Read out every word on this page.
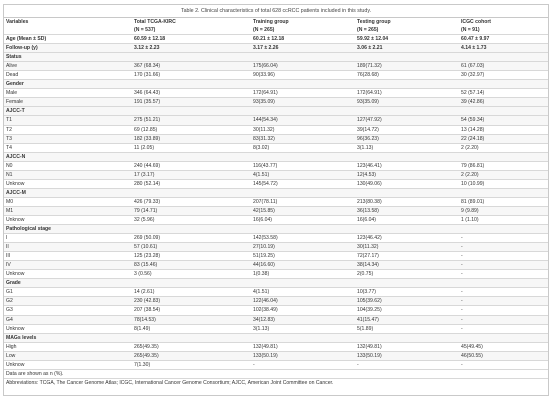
Table 2. Clinical characteristics of total 628 ccRCC patients included in this study.
Variables	Total TCGA-KIRC	Training group	Testing group	ICGC cohort
	(N = 537)	(N = 265)	(N = 265)	(N = 91)
Age (Mean ± SD)	60.59 ± 12.18	60.21 ± 12.18	59.92 ± 12.04	60.47 ± 9.97
Follow-up (y)	3.12 ± 2.23	3.17 ± 2.26	3.06 ± 2.21	4.14 ± 1.73
Status				
Alive	367 (68.34)	175(66.04)	189(71.32)	61 (67.03)
Dead	170 (31.66)	90(33.96)	76(28.68)	30 (32.97)
Gender				
Male	346 (64.43)	172(64.91)	172(64.91)	52 (57.14)
Female	191 (35.57)	93(35.09)	93(35.09)	39 (42.86)
AJCC-T				
T1	275 (51.21)	144(54.34)	127(47.92)	54 (59.34)
T2	69 (12.85)	30(11.32)	39(14.72)	13 (14.28)
T3	182 (33.89)	83(31.32)	96(36.23)	22 (24.18)
T4	11 (2.05)	8(3.02)	3(1.13)	2 (2.20)
AJCC-N				
N0	240 (44.69)	116(43.77)	123(46.41)	79 (86.81)
N1	17 (3.17)	4(1.51)	12(4.53)	2 (2.20)
Unknow	280 (52.14)	145(54.72)	130(49.06)	10 (10.99)
AJCC-M				
M0	426 (79.33)	207(78.11)	213(80.38)	81 (89.01)
M1	79 (14.71)	42(15.85)	36(13.58)	9 (9.89)
Unknow	32 (5.96)	16(6.04)	16(6.04)	1 (1.10)
Pathological stage				
I	269 (50.09)	142(53.58)	123(46.42)	-
II	57 (10.61)	27(10.19)	30(11.32)	-
III	125 (23.28)	51(19.25)	72(27.17)	-
IV	83 (15.46)	44(16.60)	38(14.34)	-
Unknow	3 (0.56)	1(0.38)	2(0.75)	-
Grade				
G1	14 (2.61)	4(1.51)	10(3.77)	-
G2	230 (42.83)	122(46.04)	105(39.62)	-
G3	207 (38.54)	102(38.49)	104(39.25)	-
G4	78(14.53)	34(12.83)	41(15.47)	-
Unknow	8(1.49)	3(1.13)	5(1.89)	-
MAGs levels				
High	265(49.35)	132(49.81)	132(49.81)	45(49.45)
Low	265(49.35)	133(50.19)	133(50.19)	46(50.55)
Unknow	7(1.30)	-	-	-
Data are shown as n (%).
Abbreviations: TCGA, The Cancer Genome Atlas; ICGC, International Cancer Genome Consortium; AJCC, American Joint Committee on Cancer.
